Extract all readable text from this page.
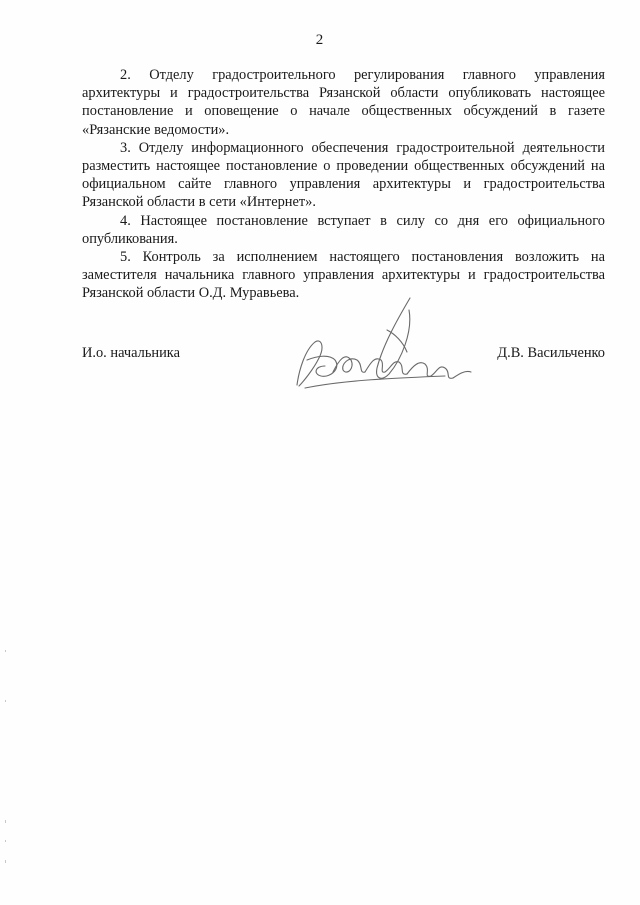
2

2. Отделу градостроительного регулирования главного управления архитектуры и градостроительства Рязанской области опубликовать настоящее постановление и оповещение о начале общественных обсуждений в газете «Рязанские ведомости».

3. Отделу информационного обеспечения градостроительной деятельности разместить настоящее постановление о проведении общественных обсуждений на официальном сайте главного управления архитектуры и градостроительства Рязанской области в сети «Интернет».

4. Настоящее постановление вступает в силу со дня его официального опубликования.

5. Контроль за исполнением настоящего постановления возложить на заместителя начальника главного управления архитектуры и градостроительства Рязанской области О.Д. Муравьева.

И.о. начальника	Д.В. Васильченко
